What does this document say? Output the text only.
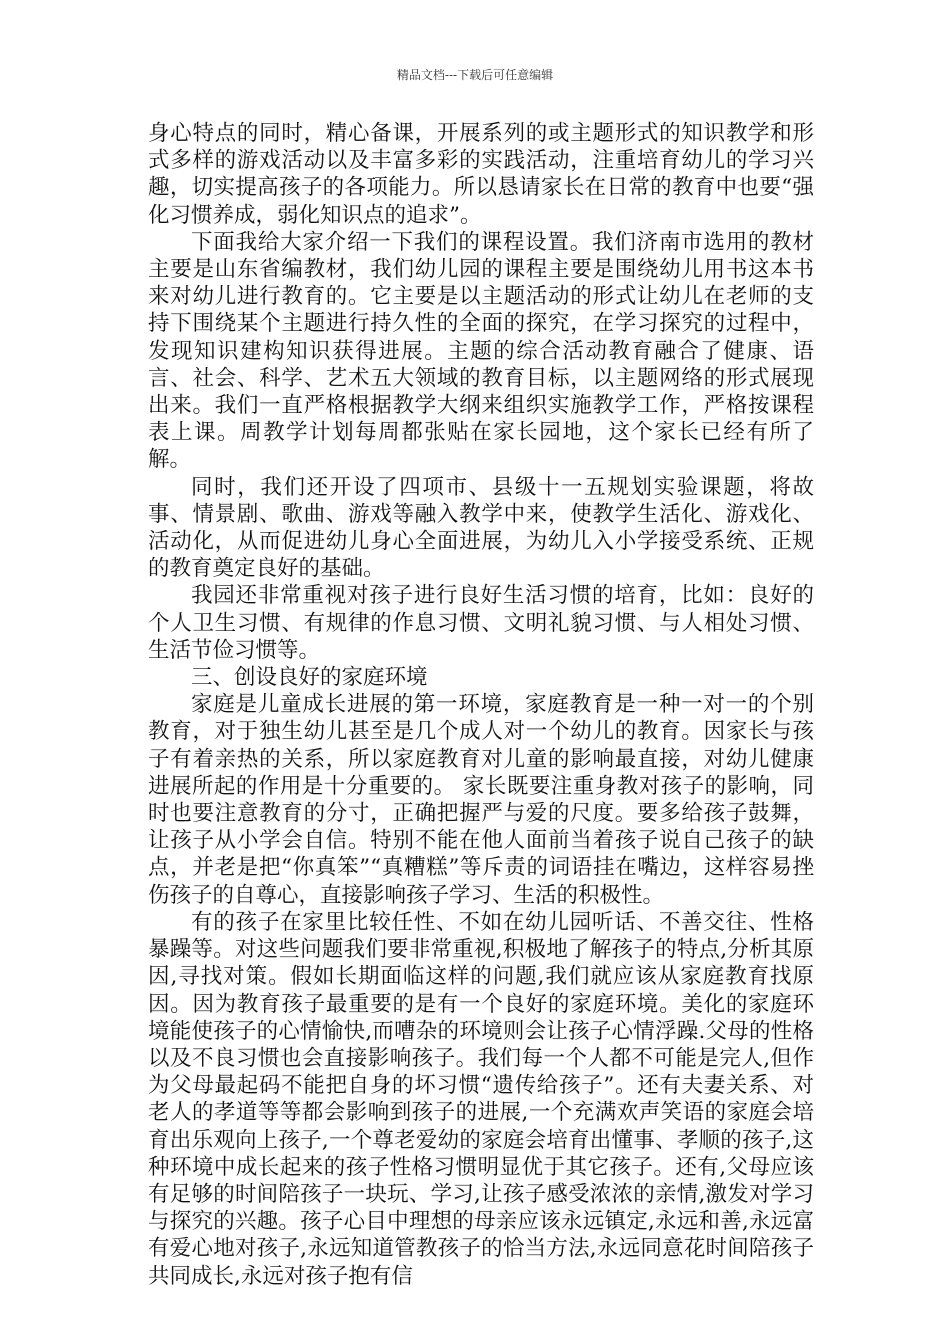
精品文档---下载后可任意编辑

身心特点的同时，精心备课，开展系列的或主题形式的知识教学和形式多样的游戏活动以及丰富多彩的实践活动，注重培育幼儿的学习兴趣，切实提高孩子的各项能力。所以恳请家长在日常的教育中也要“强化习惯养成，弱化知识点的追求”。

下面我给大家介绍一下我们的课程设置。我们济南市选用的教材主要是山东省编教材，我们幼儿园的课程主要是围绕幼儿用书这本书来对幼儿进行教育的。它主要是以主题活动的形式让幼儿在老师的支持下围绕某个主题进行持久性的全面的探究，在学习探究的过程中，发现知识建构知识获得进展。主题的综合活动教育融合了健康、语言、社会、科学、艺术五大领域的教育目标，以主题网络的形式展现出来。我们一直严格根据教学大纲来组织实施教学工作，严格按课程表上课。周教学计划每周都张贴在家长园地，这个家长已经有所了解。

同时，我们还开设了四项市、县级十一五规划实验课题，将故事、情景剧、歌曲、游戏等融入教学中来，使教学生活化、游戏化、活动化，从而促进幼儿身心全面进展，为幼儿入小学接受系统、正规的教育奠定良好的基础。

我园还非常重视对孩子进行良好生活习惯的培育，比如：良好的个人卫生习惯、有规律的作息习惯、文明礼貌习惯、与人相处习惯、生活节俭习惯等。

三、创设良好的家庭环境

家庭是儿童成长进展的第一环境，家庭教育是一种一对一的个别教育，对于独生幼儿甚至是几个成人对一个幼儿的教育。因家长与孩子有着亲热的关系，所以家庭教育对儿童的影响最直接，对幼儿健康进展所起的作用是十分重要的。 家长既要注重身教对孩子的影响，同时也要注意教育的分寸，正确把握严与爱的尺度。要多给孩子鼓舞，让孩子从小学会自信。特别不能在他人面前当着孩子说自己孩子的缺点，并老是把“你真笨”“真糟糕”等斥责的词语挂在嘴边，这样容易挫伤孩子的自尊心，直接影响孩子学习、生活的积极性。

有的孩子在家里比较任性、不如在幼儿园听话、不善交往、性格暴躁等。对这些问题我们要非常重视,积极地了解孩子的特点,分析其原因,寻找对策。假如长期面临这样的问题,我们就应该从家庭教育找原因。因为教育孩子最重要的是有一个良好的家庭环境。美化的家庭环境能使孩子的心情愉快,而嘈杂的环境则会让孩子心情浮躁.父母的性格以及不良习惯也会直接影响孩子。我们每一个人都不可能是完人,但作为父母最起码不能把自身的坏习惯“遗传给孩子”。还有夫妻关系、对老人的孝道等等都会影响到孩子的进展,一个充满欢声笑语的家庭会培育出乐观向上孩子,一个尊老爱幼的家庭会培育出懂事、孝顺的孩子,这种环境中成长起来的孩子性格习惯明显优于其它孩子。还有,父母应该有足够的时间陪孩子一块玩、学习,让孩子感受浓浓的亲情,激发对学习与探究的兴趣。孩子心目中理想的母亲应该永远镇定,永远和善,永远富有爱心地对孩子,永远知道管教孩子的恰当方法,永远同意花时间陪孩子共同成长,永远对孩子抱有信
